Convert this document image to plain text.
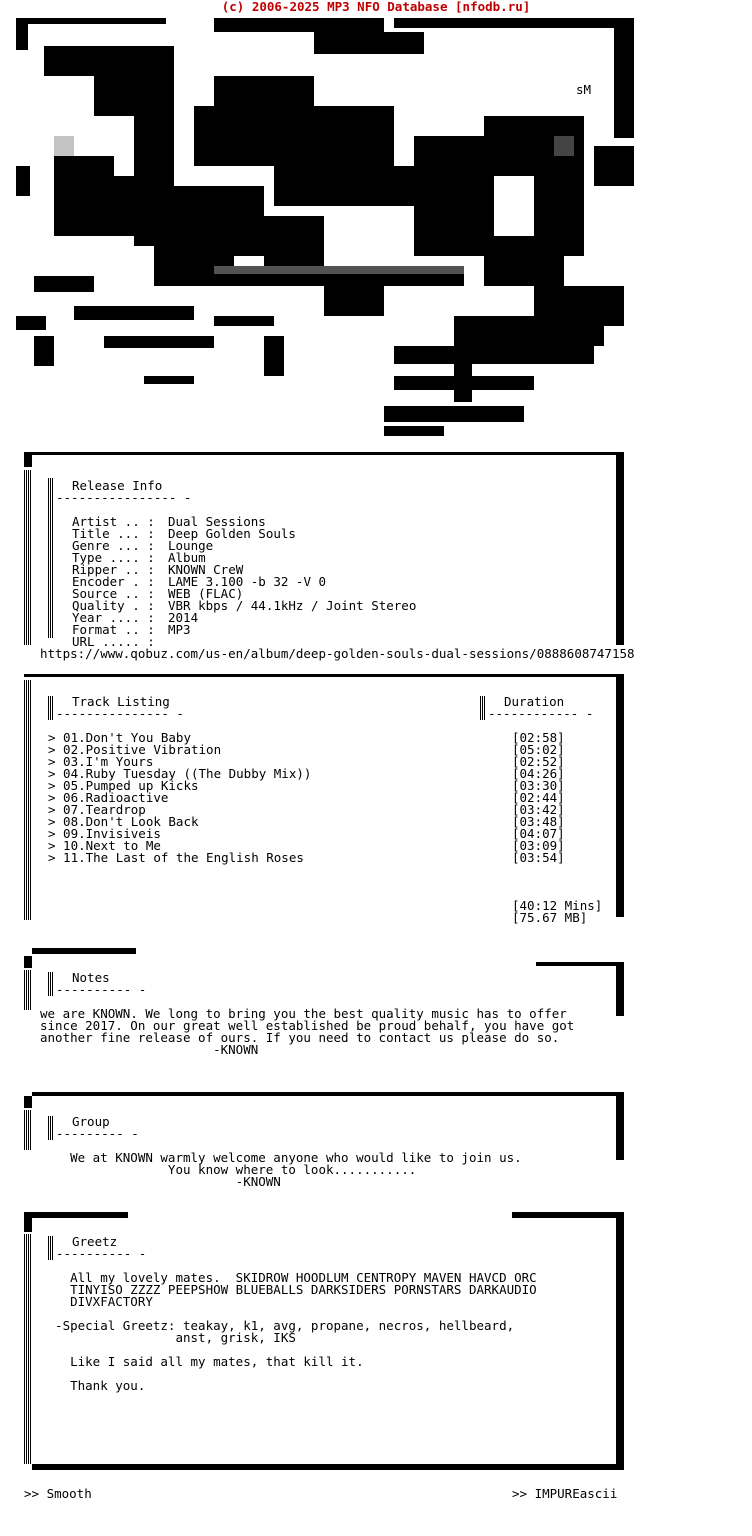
(c) 2006-2025 MP3 NFO Database [nfodb.ru]
sM
Release Info
---------------- -
Artist .. : Dual Sessions
Title ... : Deep Golden Souls
Genre ... : Lounge
Type .... : Album
Ripper .. : KNOWN CreW
Encoder . : LAME 3.100 -b 32 -V 0
Source .. : WEB (FLAC)
Quality . : VBR kbps / 44.1kHz / Joint Stereo
Year .... : 2014
Format .. : MP3
URL ..... :
https://www.qobuz.com/us-en/album/deep-golden-souls-dual-sessions/0888608747158
Track Listing
--------------- -
Duration
------------ -
> 01.Don't You Baby	[02:58]
> 02.Positive Vibration	[05:02]
> 03.I'm Yours	[02:52]
> 04.Ruby Tuesday ((The Dubby Mix))	[04:26]
> 05.Pumped up Kicks	[03:30]
> 06.Radioactive	[02:44]
> 07.Teardrop	[03:42]
> 08.Don't Look Back	[03:48]
> 09.Invisiveis	[04:07]
> 10.Next to Me	[03:09]
> 11.The Last of the English Roses	[03:54]
[40:12 Mins]
[75.67 MB]
Notes
---------- -
we are KNOWN. We long to bring you the best quality music has to offer
since 2017. On our great well established be proud behalf, you have got
another fine release of ours. If you need to contact us please do so.
-KNOWN
Group
--------- -
We at KNOWN warmly welcome anyone who would like to join us.
You know where to look...........
-KNOWN
Greetz
---------- -
All my lovely mates.  SKIDROW HOODLUM CENTROPY MAVEN HAVCD ORC
TINYISO ZZZZ PEEPSHOW BLUEBALLS DARKSIDERS PORNSTARS DARKAUDIO
DIVXFACTORY
-Special Greetz: teakay, k1, avg, propane, necros, hellbeard,
anst, grisk, IKS
Like I said all my mates, that kill it.
Thank you.
>> Smooth	>> IMPUREascii
